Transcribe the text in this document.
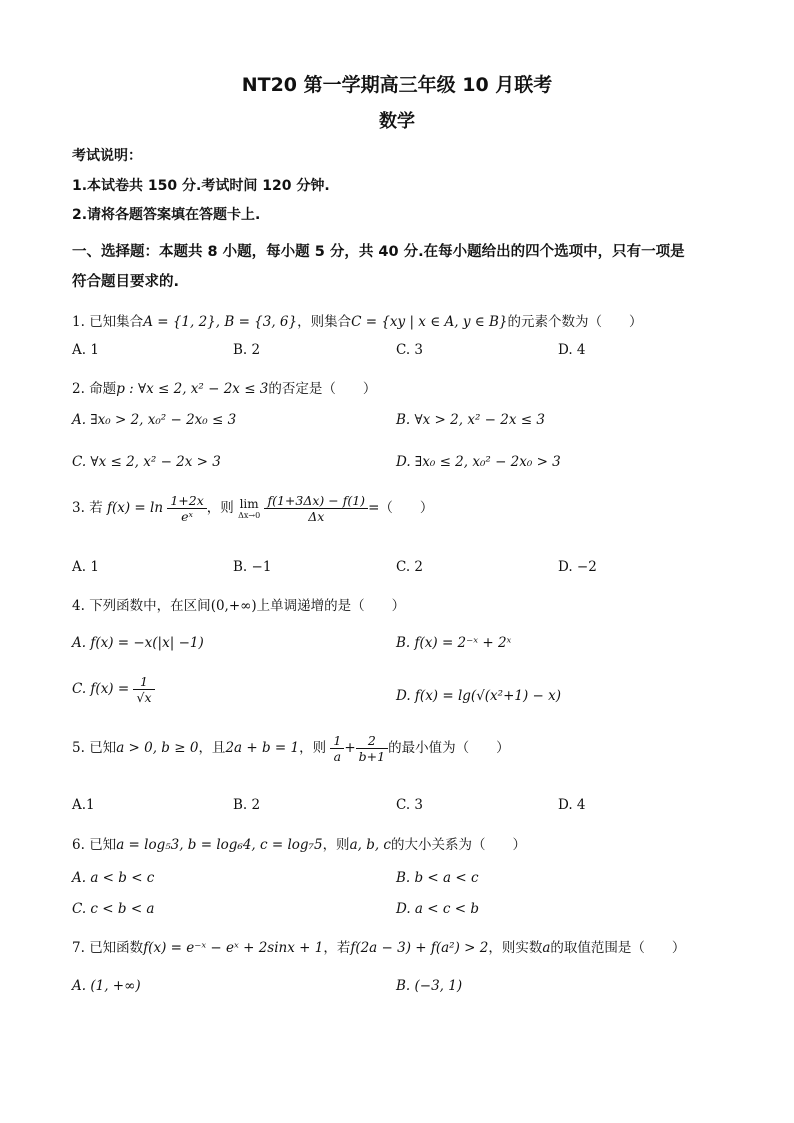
NT20 第一学期高三年级 10 月联考
数学
考试说明：
1.本试卷共 150 分.考试时间 120 分钟.
2.请将各题答案填在答题卡上.
一、选择题：本题共 8 小题，每小题 5 分，共 40 分.在每小题给出的四个选项中，只有一项是
符合题目要求的.
1. 已知集合A = {1, 2}, B = {3, 6}，则集合C = {xy | x ∈ A, y ∈ B}的元素个数为（　　）
A. 1	B. 2	C. 3	D. 4
2. 命题p : ∀x ≤ 2, x² − 2x ≤ 3的否定是（　　）
A. ∃x₀ > 2, x₀² − 2x₀ ≤ 3	B. ∀x > 2, x² − 2x ≤ 3
C. ∀x ≤ 2, x² − 2x > 3	D. ∃x₀ ≤ 2, x₀² − 2x₀ > 3
3. 若 $f(x) = \ln \frac{1+2x}{\text{eˣ}}$ ，则 lim
Δx→0
$\frac{f(1+3\Delta x) - f(1)}{\Delta x}$ =（　　）
A. 1	B. −1	C. 2	D. −2
4. 下列函数中，在区间(0,+∞)上单调递增的是（　　）
A. f(x) = −x(|x| −1)	B. f(x) = 2⁻ˣ + 2ˣ
C. $f(x) = \frac{1}{√x}$	D. f(x) = lg(√(x²+1) − x)
5. 已知a > 0, b ≥ 0，且2a + b = 1，则 $\frac{1}{a} + \frac{2}{b+1}$ 的最小值为（　　）
A.1	B. 2	C. 3	D. 4
6. 已知a = log₅3, b = log₆4, c = log₇5，则a, b, c的大小关系为（　　）
A. a < b < c	B. b < a < c
C. c < b < a	D. a < c < b
7. 已知函数f(x) = e⁻ˣ − eˣ + 2sinx + 1，若f(2a − 3) + f(a²) > 2，则实数a的取值范围是（　　）
A. (1, +∞)	B. (−3, 1)
